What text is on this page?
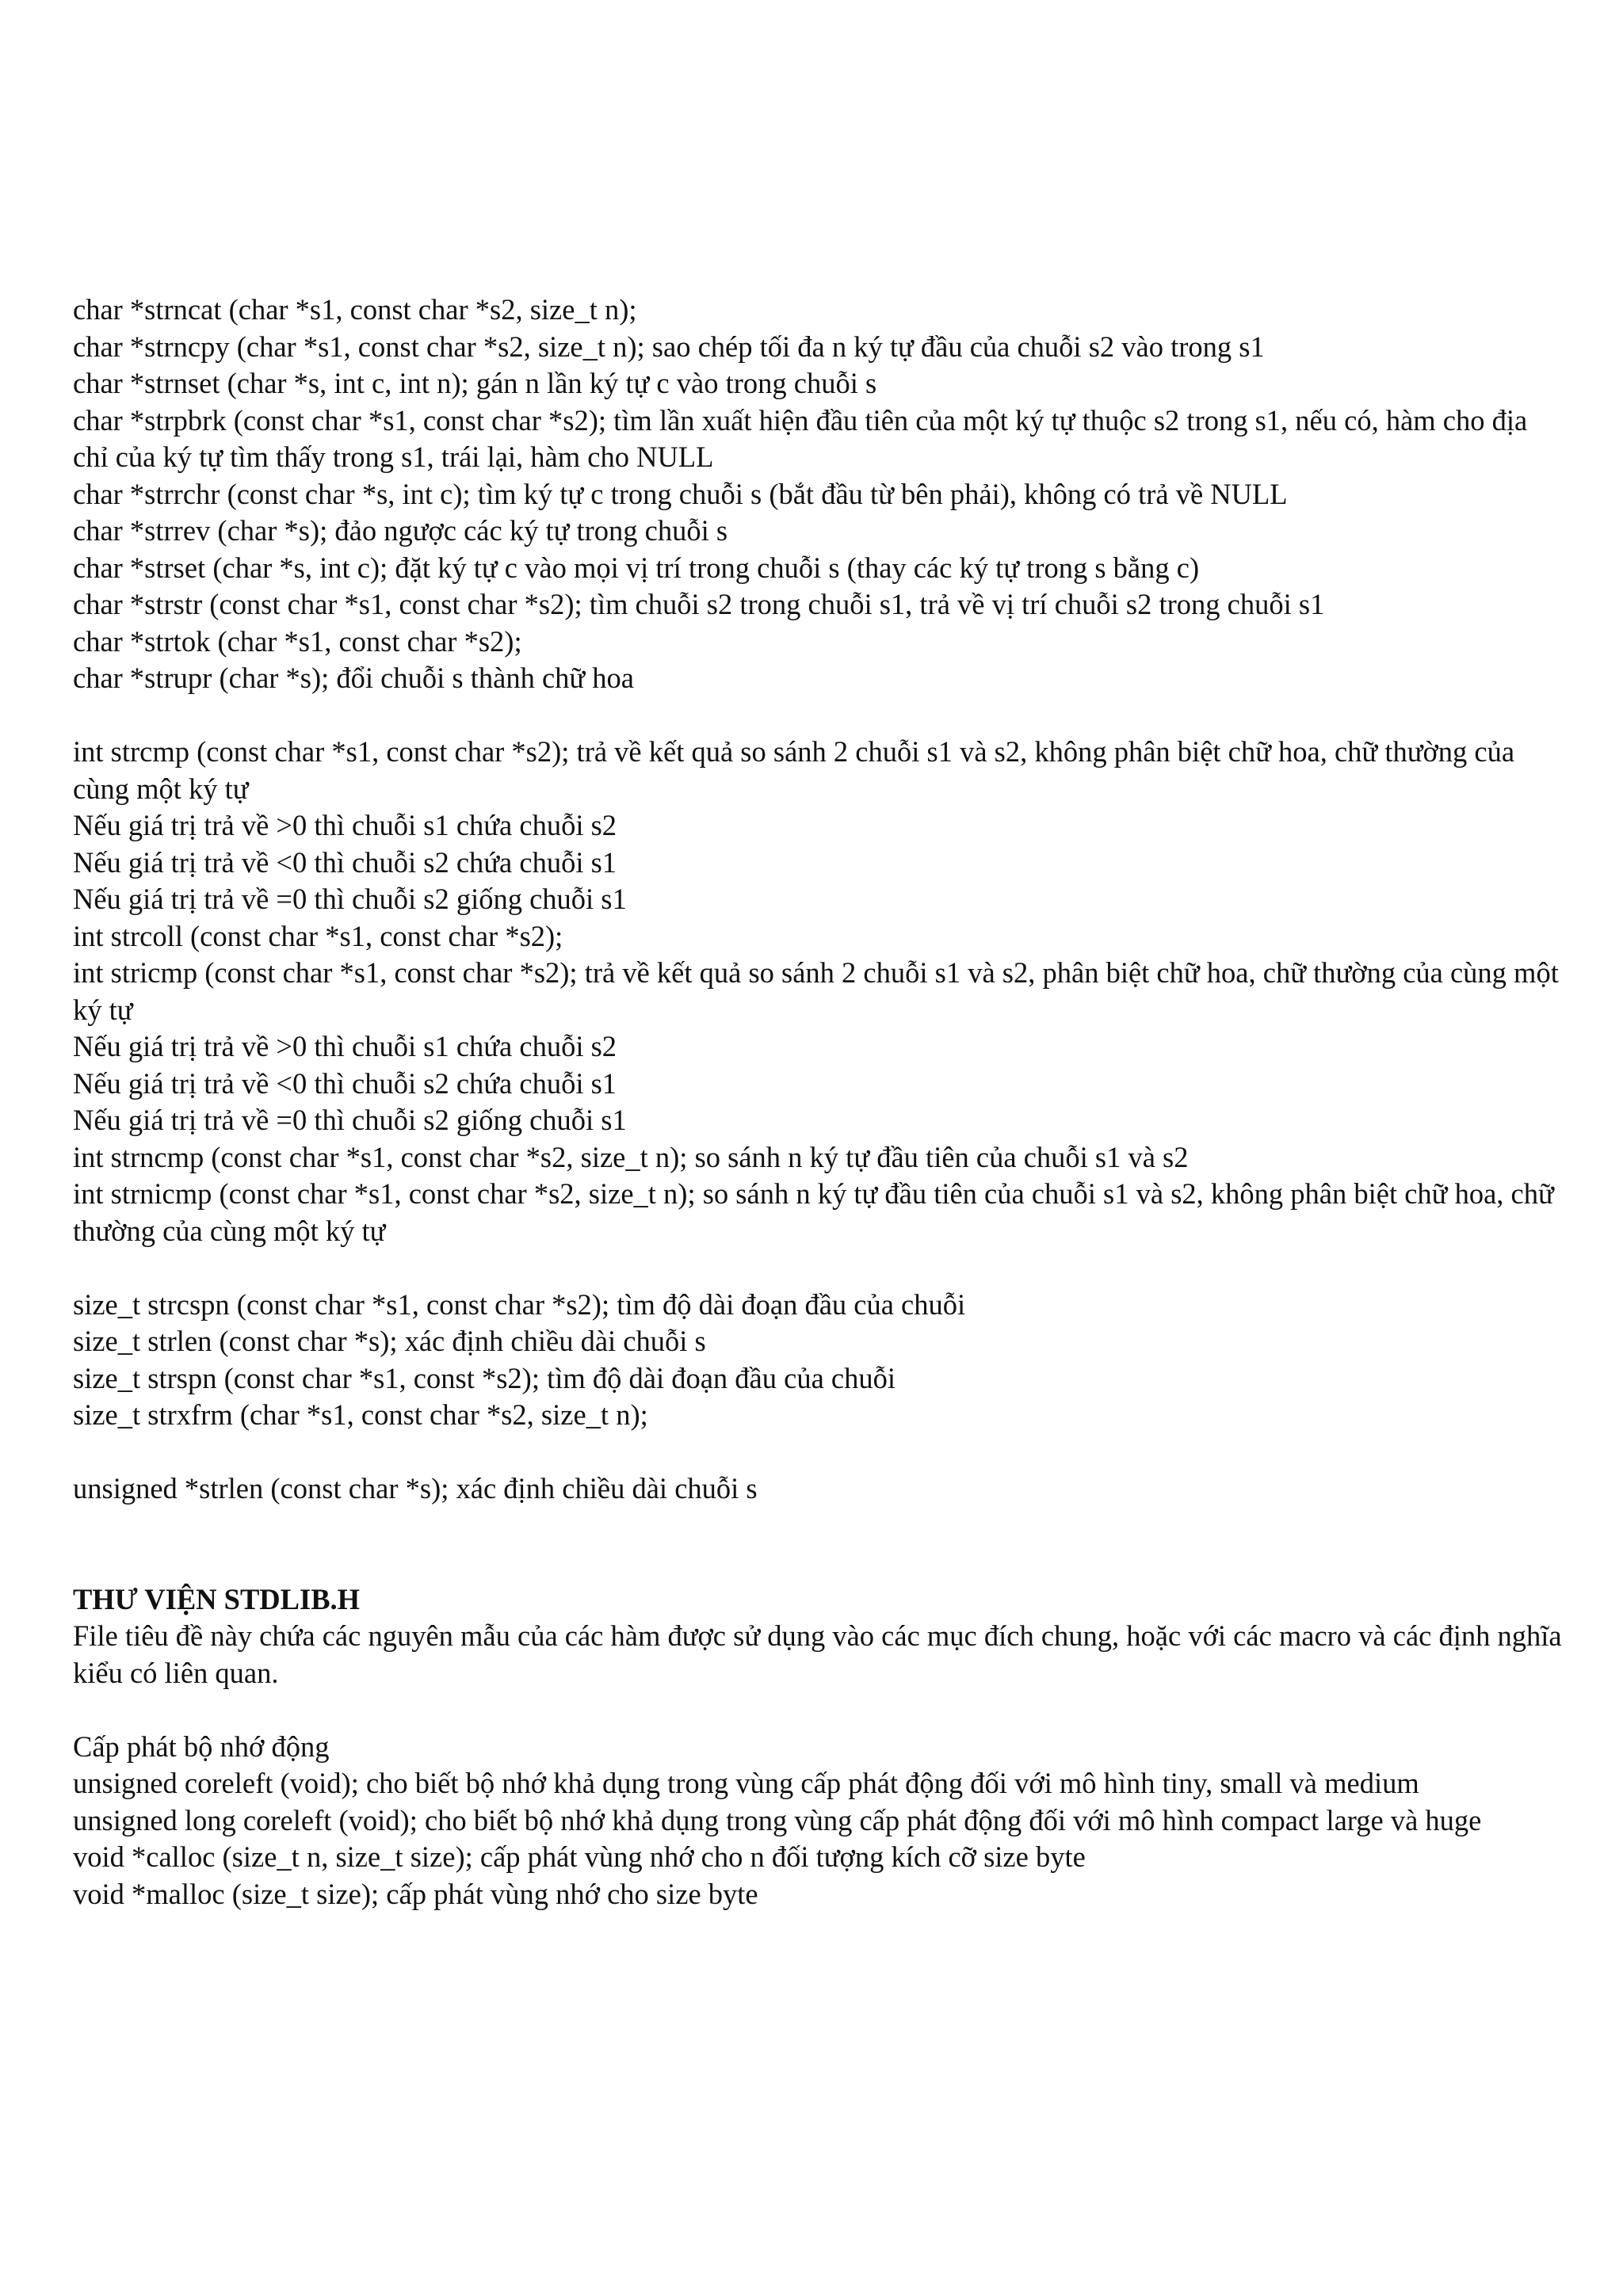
char *strncat (char *s1, const char *s2, size_t n);
char *strncpy (char *s1, const char *s2, size_t n); sao chép tối đa n ký tự đầu của chuỗi s2 vào trong s1
char *strnset (char *s, int c, int n); gán n lần ký tự c vào trong chuỗi s
char *strpbrk (const char *s1, const char *s2); tìm lần xuất hiện đầu tiên của một ký tự thuộc s2 trong s1, nếu có, hàm cho địa chỉ của ký tự tìm thấy trong s1, trái lại, hàm cho NULL
char *strrchr (const char *s, int c); tìm ký tự c trong chuỗi s (bắt đầu từ bên phải), không có trả về NULL
char *strrev (char *s); đảo ngược các ký tự trong chuỗi s
char *strset (char *s, int c); đặt ký tự c vào mọi vị trí trong chuỗi s (thay các ký tự trong s bằng c)
char *strstr (const char *s1, const char *s2); tìm chuỗi s2 trong chuỗi s1, trả về vị trí chuỗi s2 trong chuỗi s1
char *strtok (char *s1, const char *s2);
char *strupr (char *s); đổi chuỗi s thành chữ hoa
int strcmp (const char *s1, const char *s2); trả về kết quả so sánh 2 chuỗi s1 và s2, không phân biệt chữ hoa, chữ thường của cùng một ký tự
Nếu giá trị trả về >0 thì chuỗi s1 chứa chuỗi s2
Nếu giá trị trả về <0 thì chuỗi s2 chứa chuỗi s1
Nếu giá trị trả về =0 thì chuỗi s2 giống chuỗi s1
int strcoll (const char *s1, const char *s2);
int stricmp (const char *s1, const char *s2); trả về kết quả so sánh 2 chuỗi s1 và s2, phân biệt chữ hoa, chữ thường của cùng một ký tự
Nếu giá trị trả về >0 thì chuỗi s1 chứa chuỗi s2
Nếu giá trị trả về <0 thì chuỗi s2 chứa chuỗi s1
Nếu giá trị trả về =0 thì chuỗi s2 giống chuỗi s1
int strncmp (const char *s1, const char *s2, size_t n); so sánh n ký tự đầu tiên của chuỗi s1 và s2
int strnicmp (const char *s1, const char *s2, size_t n); so sánh n ký tự đầu tiên của chuỗi s1 và s2, không phân biệt chữ hoa, chữ thường của cùng một ký tự
size_t strcspn (const char *s1, const char *s2); tìm độ dài đoạn đầu của chuỗi
size_t strlen (const char *s); xác định chiều dài chuỗi s
size_t strspn (const char *s1, const *s2); tìm độ dài đoạn đầu của chuỗi
size_t strxfrm (char *s1, const char *s2, size_t n);
unsigned *strlen (const char *s); xác định chiều dài chuỗi s
THƯ VIỆN STDLIB.H
File tiêu đề này chứa các nguyên mẫu của các hàm được sử dụng vào các mục đích chung, hoặc với các macro và các định nghĩa kiểu có liên quan.
Cấp phát bộ nhớ động
unsigned coreleft (void); cho biết bộ nhớ khả dụng trong vùng cấp phát động đối với mô hình tiny, small và medium
unsigned long coreleft (void); cho biết bộ nhớ khả dụng trong vùng cấp phát động đối với mô hình compact large và huge
void *calloc (size_t n, size_t size); cấp phát vùng nhớ cho n đối tượng kích cỡ size byte
void *malloc (size_t size); cấp phát vùng nhớ cho size byte
